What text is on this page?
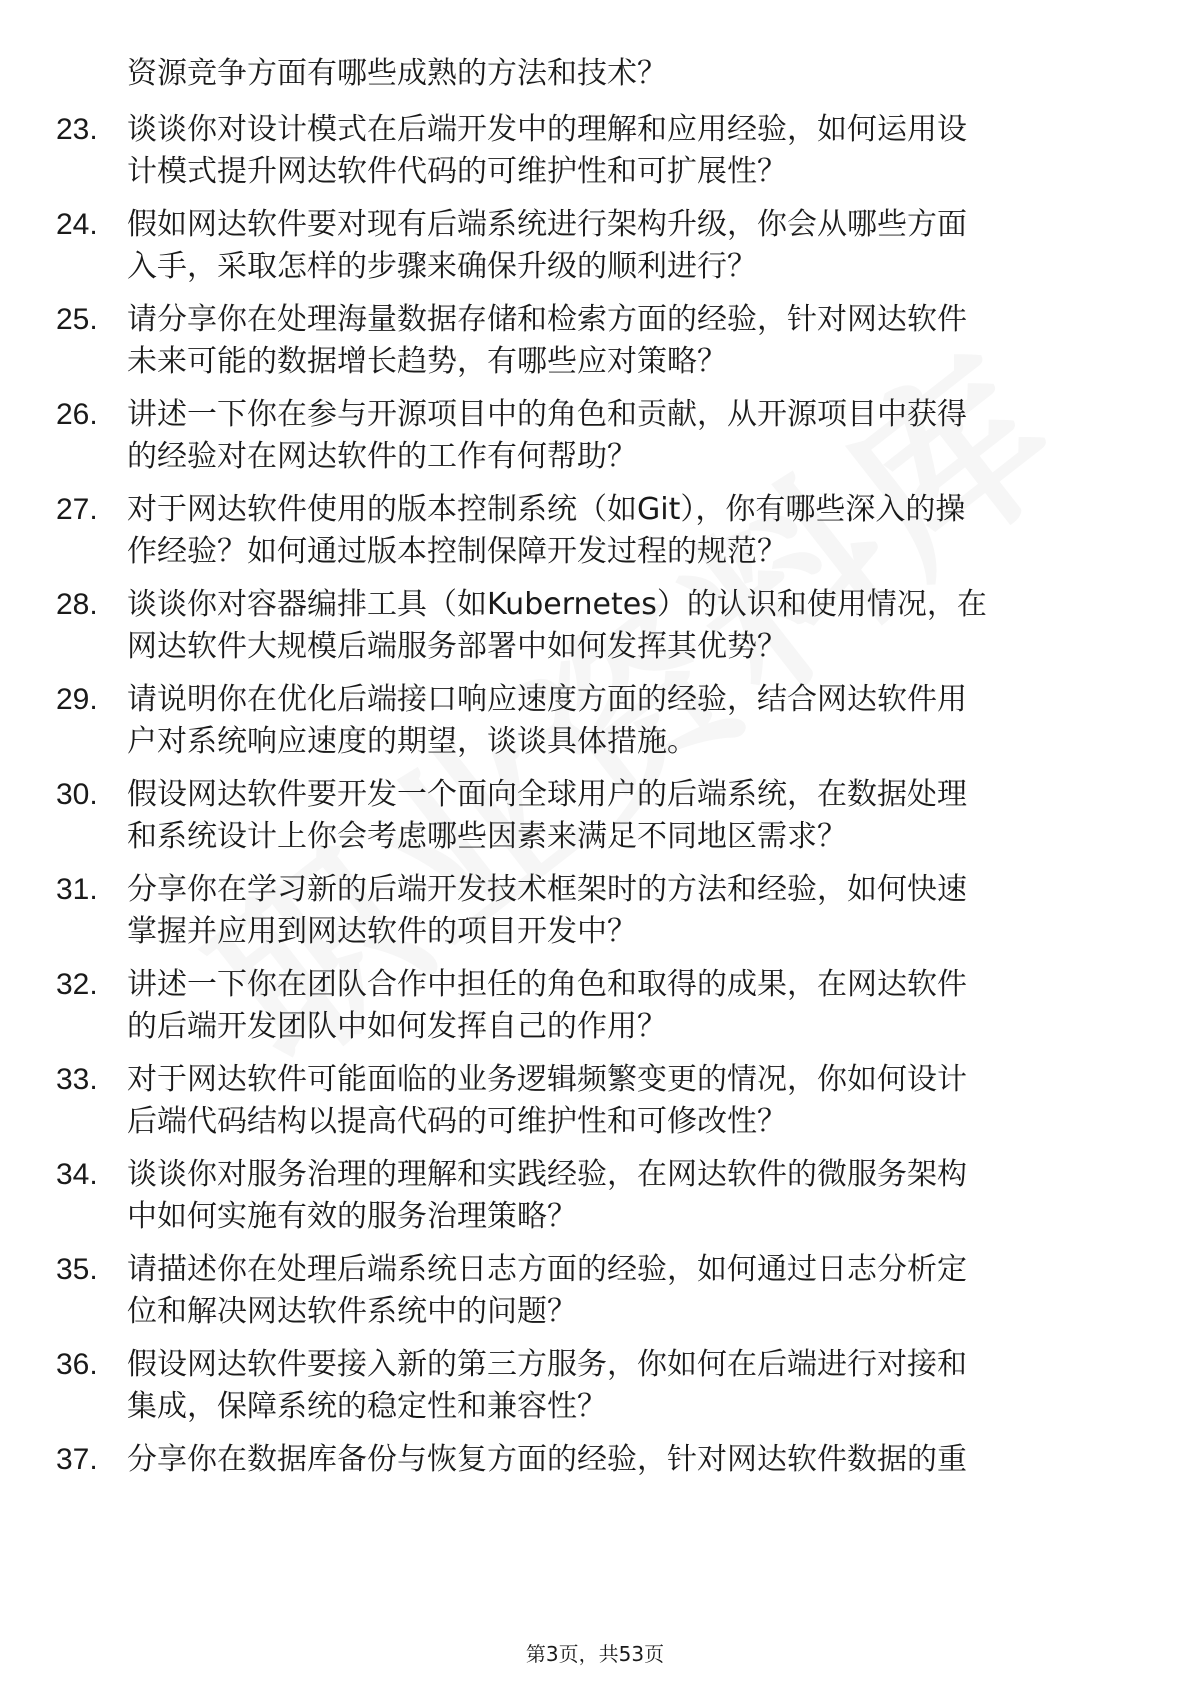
资源竞争方面有哪些成熟的方法和技术？
23. 谈谈你对设计模式在后端开发中的理解和应用经验，如何运用设
计模式提升网达软件代码的可维护性和可扩展性？
24. 假如网达软件要对现有后端系统进行架构升级，你会从哪些方面
入手，采取怎样的步骤来确保升级的顺利进行？
25. 请分享你在处理海量数据存储和检索方面的经验，针对网达软件
未来可能的数据增长趋势，有哪些应对策略？
26. 讲述一下你在参与开源项目中的角色和贡献，从开源项目中获得
的经验对在网达软件的工作有何帮助？
27. 对于网达软件使用的版本控制系统（如Git），你有哪些深入的操
作经验？如何通过版本控制保障开发过程的规范？
28. 谈谈你对容器编排工具（如Kubernetes）的认识和使用情况，在
网达软件大规模后端服务部署中如何发挥其优势？
29. 请说明你在优化后端接口响应速度方面的经验，结合网达软件用
户对系统响应速度的期望，谈谈具体措施。
30. 假设网达软件要开发一个面向全球用户的后端系统，在数据处理
和系统设计上你会考虑哪些因素来满足不同地区需求？
31. 分享你在学习新的后端开发技术框架时的方法和经验，如何快速
掌握并应用到网达软件的项目开发中？
32. 讲述一下你在团队合作中担任的角色和取得的成果，在网达软件
的后端开发团队中如何发挥自己的作用？
33. 对于网达软件可能面临的业务逻辑频繁变更的情况，你如何设计
后端代码结构以提高代码的可维护性和可修改性？
34. 谈谈你对服务治理的理解和实践经验，在网达软件的微服务架构
中如何实施有效的服务治理策略？
35. 请描述你在处理后端系统日志方面的经验，如何通过日志分析定
位和解决网达软件系统中的问题？
36. 假设网达软件要接入新的第三方服务，你如何在后端进行对接和
集成，保障系统的稳定性和兼容性？
37. 分享你在数据库备份与恢复方面的经验，针对网达软件数据的重
第3页，共53页
